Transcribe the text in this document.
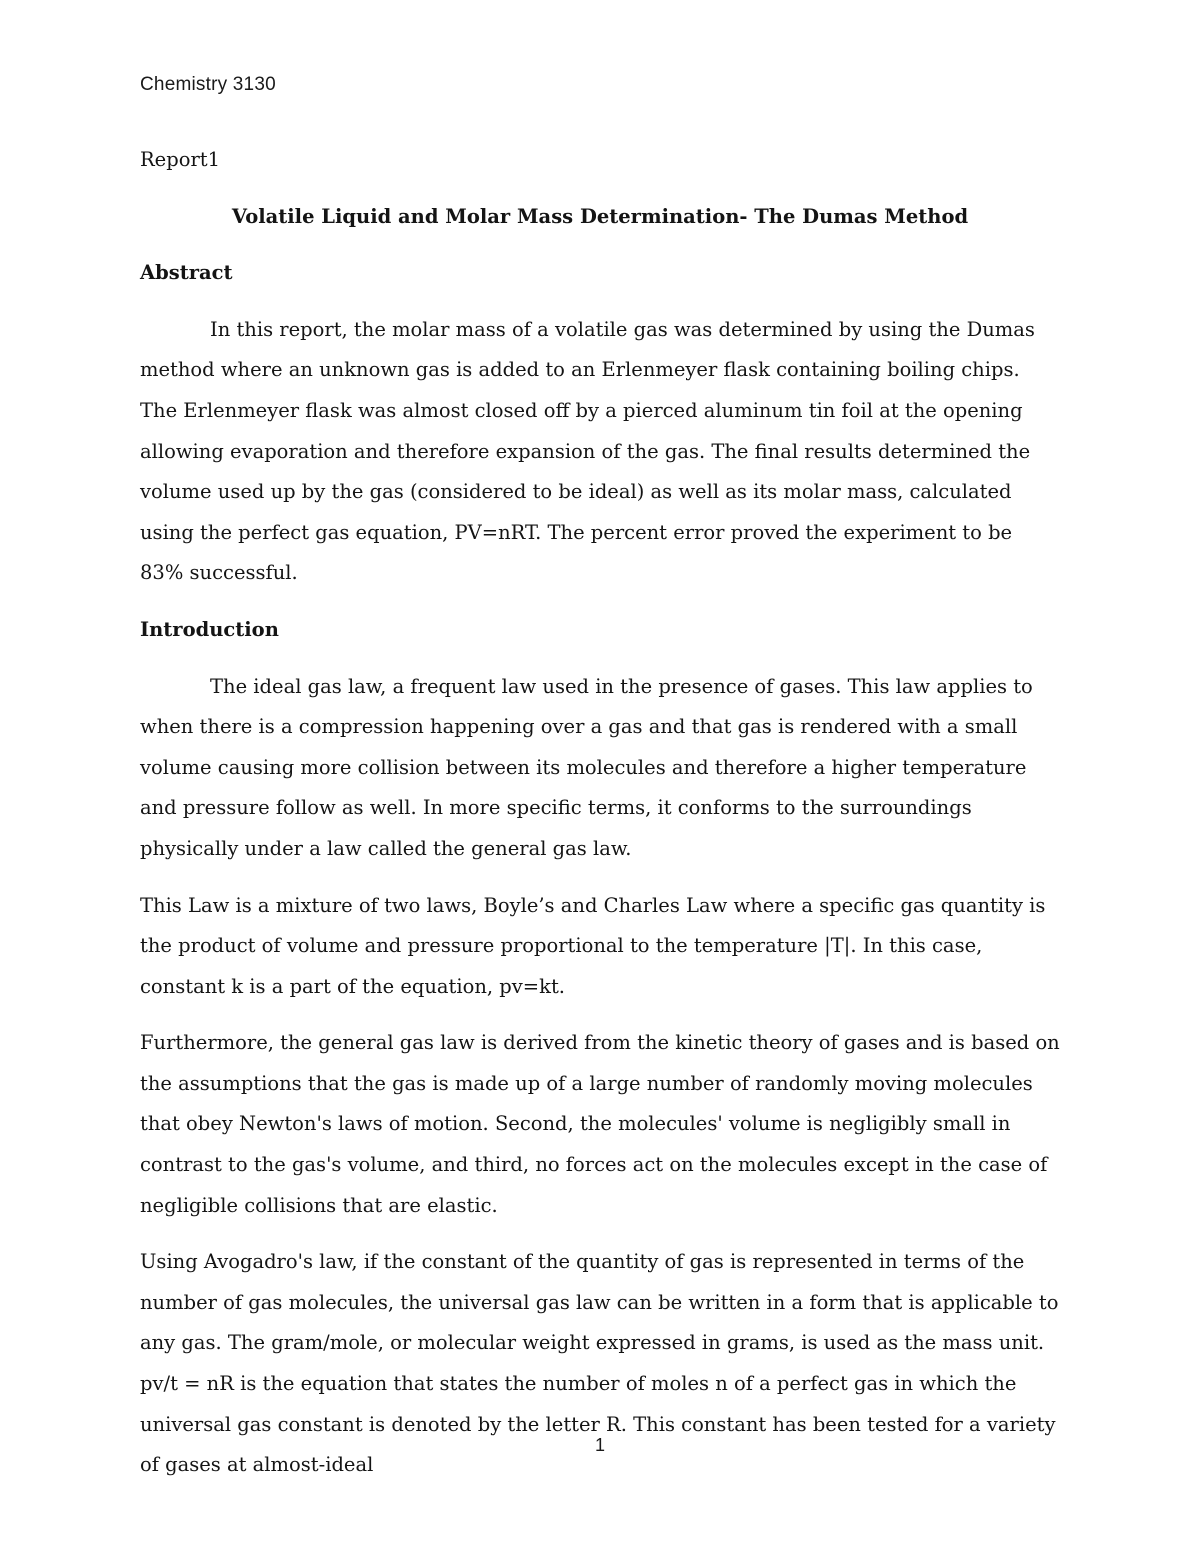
Chemistry 3130

Report1

Volatile Liquid and Molar Mass Determination- The Dumas Method

Abstract

In this report, the molar mass of a volatile gas was determined by using the Dumas method where an unknown gas is added to an Erlenmeyer flask containing boiling chips. The Erlenmeyer flask was almost closed off by a pierced aluminum tin foil at the opening allowing evaporation and therefore expansion of the gas. The final results determined the volume used up by the gas (considered to be ideal) as well as its molar mass, calculated using the perfect gas equation, PV=nRT. The percent error proved the experiment to be 83% successful.

Introduction

The ideal gas law, a frequent law used in the presence of gases. This law applies to when there is a compression happening over a gas and that gas is rendered with a small volume causing more collision between its molecules and therefore a higher temperature and pressure follow as well. In more specific terms, it conforms to the surroundings physically under a law called the general gas law.

This Law is a mixture of two laws, Boyle’s and Charles Law where a specific gas quantity is the product of volume and pressure proportional to the temperature |T|. In this case, constant k is a part of the equation, pv=kt.

Furthermore, the general gas law is derived from the kinetic theory of gases and is based on the assumptions that the gas is made up of a large number of randomly moving molecules that obey Newton's laws of motion. Second, the molecules' volume is negligibly small in contrast to the gas's volume, and third, no forces act on the molecules except in the case of negligible collisions that are elastic.

Using Avogadro's law, if the constant of the quantity of gas is represented in terms of the number of gas molecules, the universal gas law can be written in a form that is applicable to any gas. The gram/mole, or molecular weight expressed in grams, is used as the mass unit. pv/t = nR is the equation that states the number of moles n of a perfect gas in which the universal gas constant is denoted by the letter R. This constant has been tested for a variety of gases at almost-ideal

1
